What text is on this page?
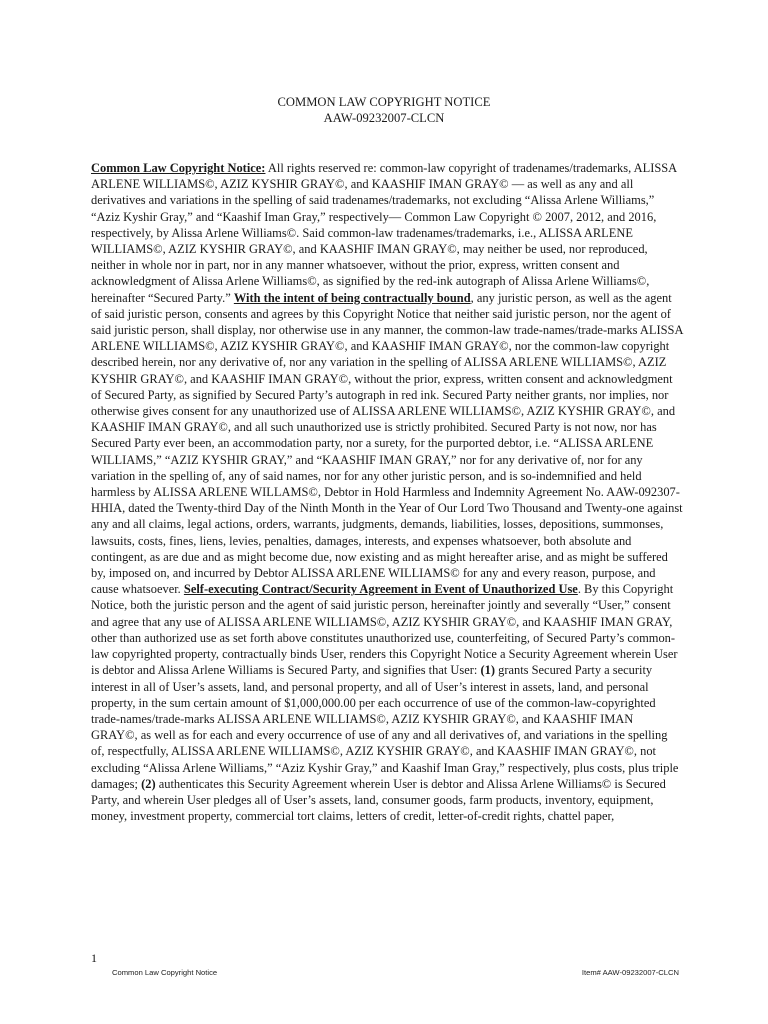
COMMON LAW COPYRIGHT NOTICE
AAW-09232007-CLCN
Common Law Copyright Notice: All rights reserved re: common-law copyright of tradenames/trademarks, ALISSA ARLENE WILLIAMS©, AZIZ KYSHIR GRAY©, and KAASHIF IMAN GRAY© — as well as any and all derivatives and variations in the spelling of said tradenames/trademarks, not excluding “Alissa Arlene Williams,” “Aziz Kyshir Gray,” and “Kaashif Iman Gray,” respectively— Common Law Copyright © 2007, 2012, and 2016, respectively, by Alissa Arlene Williams©. Said common-law tradenames/trademarks, i.e., ALISSA ARLENE WILLIAMS©, AZIZ KYSHIR GRAY©, and KAASHIF IMAN GRAY©, may neither be used, nor reproduced, neither in whole nor in part, nor in any manner whatsoever, without the prior, express, written consent and acknowledgment of Alissa Arlene Williams©, as signified by the red-ink autograph of Alissa Arlene Williams©, hereinafter “Secured Party.” With the intent of being contractually bound, any juristic person, as well as the agent of said juristic person, consents and agrees by this Copyright Notice that neither said juristic person, nor the agent of said juristic person, shall display, nor otherwise use in any manner, the common-law trade-names/trade-marks ALISSA ARLENE WILLIAMS©, AZIZ KYSHIR GRAY©, and KAASHIF IMAN GRAY©, nor the common-law copyright described herein, nor any derivative of, nor any variation in the spelling of ALISSA ARLENE WILLIAMS©, AZIZ KYSHIR GRAY©, and KAASHIF IMAN GRAY©, without the prior, express, written consent and acknowledgment of Secured Party, as signified by Secured Party’s autograph in red ink. Secured Party neither grants, nor implies, nor otherwise gives consent for any unauthorized use of ALISSA ARLENE WILLIAMS©, AZIZ KYSHIR GRAY©, and KAASHIF IMAN GRAY©, and all such unauthorized use is strictly prohibited. Secured Party is not now, nor has Secured Party ever been, an accommodation party, nor a surety, for the purported debtor, i.e. “ALISSA ARLENE WILLIAMS,” “AZIZ KYSHIR GRAY,” and “KAASHIF IMAN GRAY,” nor for any derivative of, nor for any variation in the spelling of, any of said names, nor for any other juristic person, and is so-indemnified and held harmless by ALISSA ARLENE WILLAMS©, Debtor in Hold Harmless and Indemnity Agreement No. AAW-092307-HHIA, dated the Twenty-third Day of the Ninth Month in the Year of Our Lord Two Thousand and Twenty-one against any and all claims, legal actions, orders, warrants, judgments, demands, liabilities, losses, depositions, summonses, lawsuits, costs, fines, liens, levies, penalties, damages, interests, and expenses whatsoever, both absolute and contingent, as are due and as might become due, now existing and as might hereafter arise, and as might be suffered by, imposed on, and incurred by Debtor ALISSA ARLENE WILLIAMS© for any and every reason, purpose, and cause whatsoever. Self-executing Contract/Security Agreement in Event of Unauthorized Use. By this Copyright Notice, both the juristic person and the agent of said juristic person, hereinafter jointly and severally “User,” consent and agree that any use of ALISSA ARLENE WILLIAMS©, AZIZ KYSHIR GRAY©, and KAASHIF IMAN GRAY, other than authorized use as set forth above constitutes unauthorized use, counterfeiting, of Secured Party’s common-law copyrighted property, contractually binds User, renders this Copyright Notice a Security Agreement wherein User is debtor and Alissa Arlene Williams is Secured Party, and signifies that User: (1) grants Secured Party a security interest in all of User’s assets, land, and personal property, and all of User’s interest in assets, land, and personal property, in the sum certain amount of $1,000,000.00 per each occurrence of use of the common-law-copyrighted trade-names/trade-marks ALISSA ARLENE WILLIAMS©, AZIZ KYSHIR GRAY©, and KAASHIF IMAN GRAY©, as well as for each and every occurrence of use of any and all derivatives of, and variations in the spelling of, respectfully, ALISSA ARLENE WILLIAMS©, AZIZ KYSHIR GRAY©, and KAASHIF IMAN GRAY©, not excluding “Alissa Arlene Williams,” “Aziz Kyshir Gray,” and Kaashif Iman Gray,” respectively, plus costs, plus triple damages; (2) authenticates this Security Agreement wherein User is debtor and Alissa Arlene Williams© is Secured Party, and wherein User pledges all of User’s assets, land, consumer goods, farm products, inventory, equipment, money, investment property, commercial tort claims, letters of credit, letter-of-credit rights, chattel paper,
1
Common Law Copyright Notice	Item# AAW-09232007-CLCN
